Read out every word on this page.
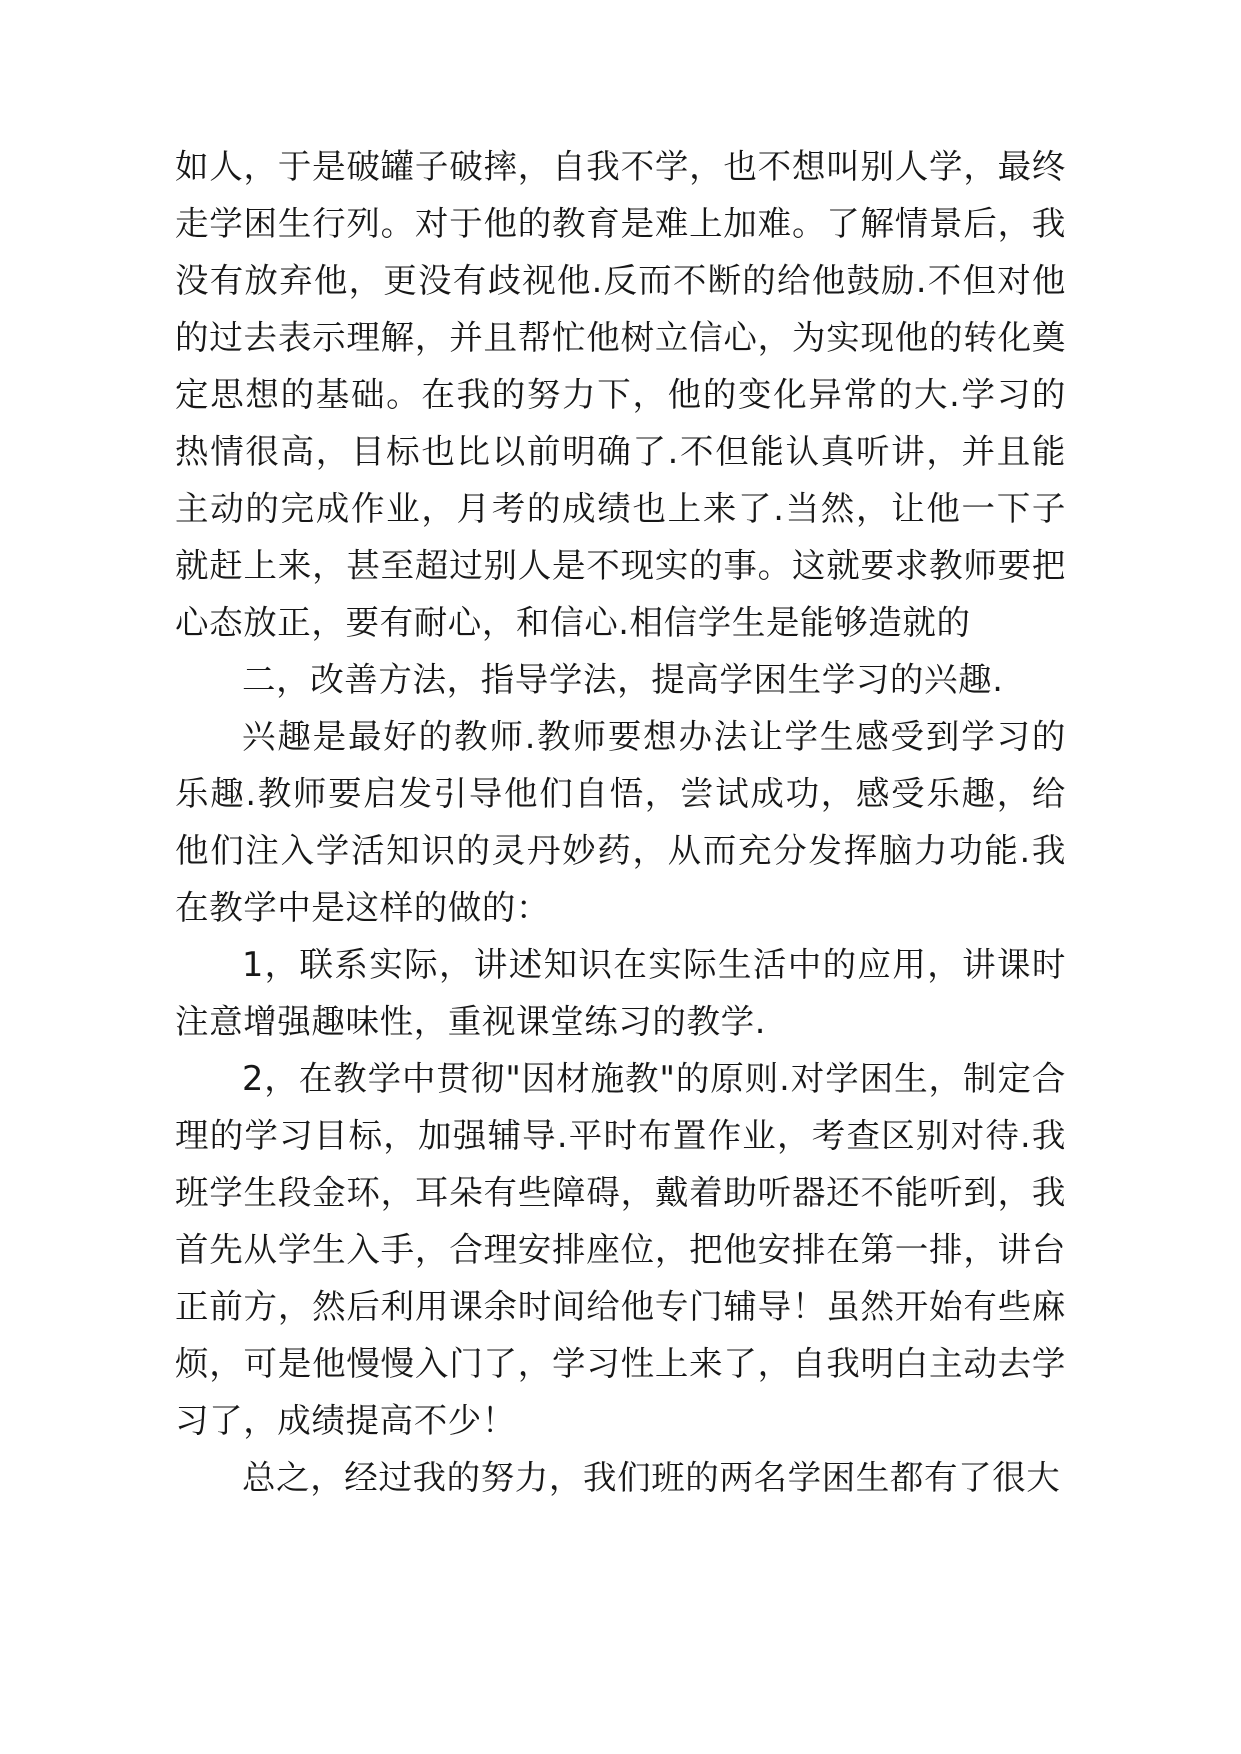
如人，于是破罐子破摔，自我不学，也不想叫别人学，最终走学困生行列。对于他的教育是难上加难。了解情景后，我没有放弃他，更没有歧视他.反而不断的给他鼓励.不但对他的过去表示理解，并且帮忙他树立信心，为实现他的转化奠定思想的基础。在我的努力下，他的变化异常的大.学习的热情很高，目标也比以前明确了.不但能认真听讲，并且能主动的完成作业，月考的成绩也上来了.当然，让他一下子就赶上来，甚至超过别人是不现实的事。这就要求教师要把心态放正，要有耐心，和信心.相信学生是能够造就的

二，改善方法，指导学法，提高学困生学习的兴趣.

兴趣是最好的教师.教师要想办法让学生感受到学习的乐趣.教师要启发引导他们自悟，尝试成功，感受乐趣，给他们注入学活知识的灵丹妙药，从而充分发挥脑力功能.我在教学中是这样的做的：

1，联系实际，讲述知识在实际生活中的应用，讲课时注意增强趣味性，重视课堂练习的教学.

2，在教学中贯彻"因材施教"的原则.对学困生，制定合理的学习目标，加强辅导.平时布置作业，考查区别对待.我班学生段金环，耳朵有些障碍，戴着助听器还不能听到，我首先从学生入手，合理安排座位，把他安排在第一排，讲台正前方，然后利用课余时间给他专门辅导！虽然开始有些麻烦，可是他慢慢入门了，学习性上来了，自我明白主动去学习了，成绩提高不少！

总之，经过我的努力，我们班的两名学困生都有了很大
